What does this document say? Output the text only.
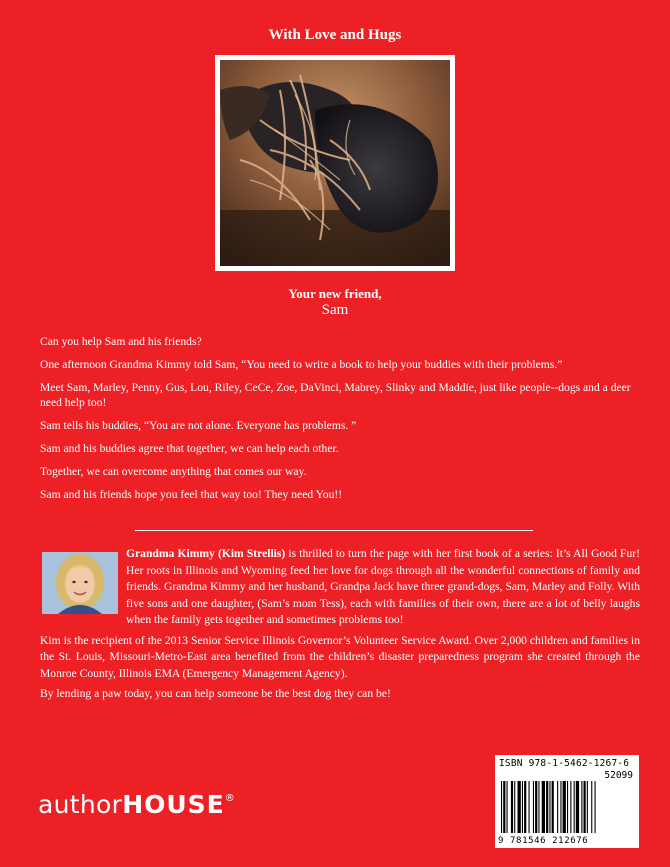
With Love and Hugs
Your new friend,
Sam

Can you help Sam and his friends?

One afternoon Grandma Kimmy told Sam, “You need to write a book to help your buddies with their problems.”

Meet Sam, Marley, Penny, Gus, Lou, Riley, CeCe, Zoe, DaVinci, Mabrey, Slinky and Maddie, just like people--dogs and a deer need help too!

Sam tells his buddies, “You are not alone. Everyone has problems. ”

Sam and his buddies agree that together, we can help each other.

Together, we can overcome anything that comes our way.

Sam and his friends hope you feel that way too! They need You!!

Grandma Kimmy (Kim Strellis) is thrilled to turn the page with her first book of a series: It’s All Good Fur! Her roots in Illinois and Wyoming feed her love for dogs through all the wonderful connections of family and friends. Grandma Kimmy and her husband, Grandpa Jack have three grand-dogs, Sam, Marley and Folly. With five sons and one daughter, (Sam’s mom Tess), each with families of their own, there are a lot of belly laughs when the family gets together and sometimes problems too!

Kim is the recipient of the 2013 Senior Service Illinois Governor’s Volunteer Service Award. Over 2,000 children and families in the St. Louis, Missouri-Metro-East area benefited from the children’s disaster preparedness program she created through the Monroe County, Illinois EMA (Emergency Management Agency).

By lending a paw today, you can help someone be the best dog they can be!

ISBN 978-1-5462-1267-6
52099
9 781546 212676
authorHOUSE®
